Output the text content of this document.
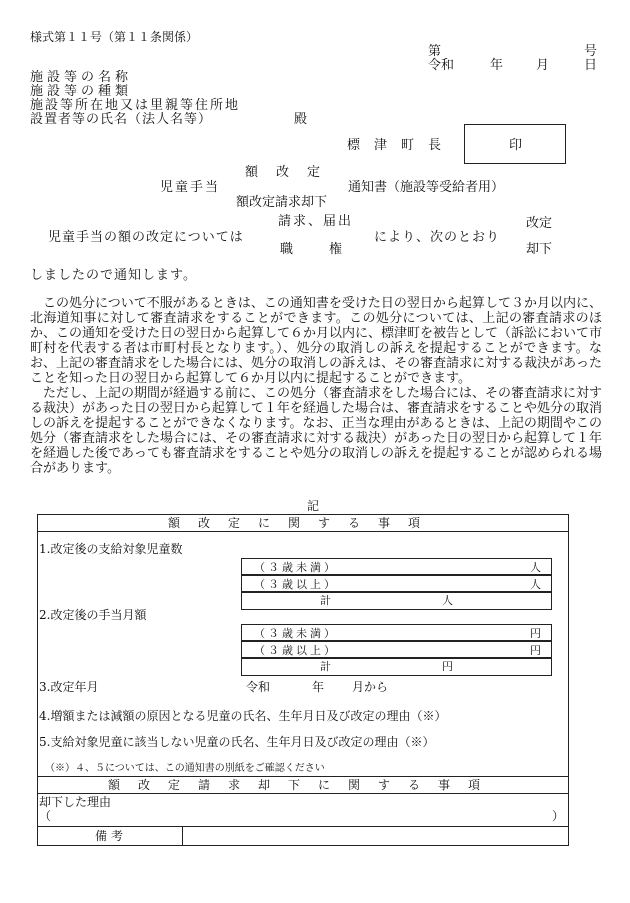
様式第１１号（第１１条関係）
第	号
令和	年	月	日
施設等の名称
施設等の種類
施設等所在地又は里親等住所地
設置者等の氏名（法人名等）	殿
標津町長	印
額改定
児童手当	通知書（施設等受給者用）
額改定請求却下
請求、届出	改定
児童手当の額の改定については	により、次のとおり
職権	却下
しましたので通知します。

この処分について不服があるときは、この通知書を受けた日の翌日から起算して３か月以内に、北海道知事に対して審査請求をすることができます。この処分については、上記の審査請求のほか、この通知を受けた日の翌日から起算して６か月以内に、標津町を被告として（訴訟において市町村を代表する者は市町村長となります。）、処分の取消しの訴えを提起することができます。なお、上記の審査請求をした場合には、処分の取消しの訴えは、その審査請求に対する裁決があったことを知った日の翌日から起算して６か月以内に提起することができます。

ただし、上記の期間が経過する前に、この処分（審査請求をした場合には、その審査請求に対する裁決）があった日の翌日から起算して１年を経過した場合は、審査請求をすることや処分の取消しの訴えを提起することができなくなります。なお、正当な理由があるときは、上記の期間やこの処分（審査請求をした場合には、その審査請求に対する裁決）があった日の翌日から起算して１年を経過した後であっても審査請求をすることや処分の取消しの訴えを提起することが認められる場合があります。

記
額改定に関する事項
1.改定後の支給対象児童数
（３歳未満）	人
（３歳以上）	人
計	人
2.改定後の手当月額
（３歳未満）	円
（３歳以上）	円
計	円
3.改定年月	令和	年 月から
4.増額または減額の原因となる児童の氏名、生年月日及び改定の理由（※）
5.支給対象児童に該当しない児童の氏名、生年月日及び改定の理由（※）
（※）４、５については、この通知書の別紙をご確認ください
額改定請求却下に関する事項
却下した理由
（	）
備考
